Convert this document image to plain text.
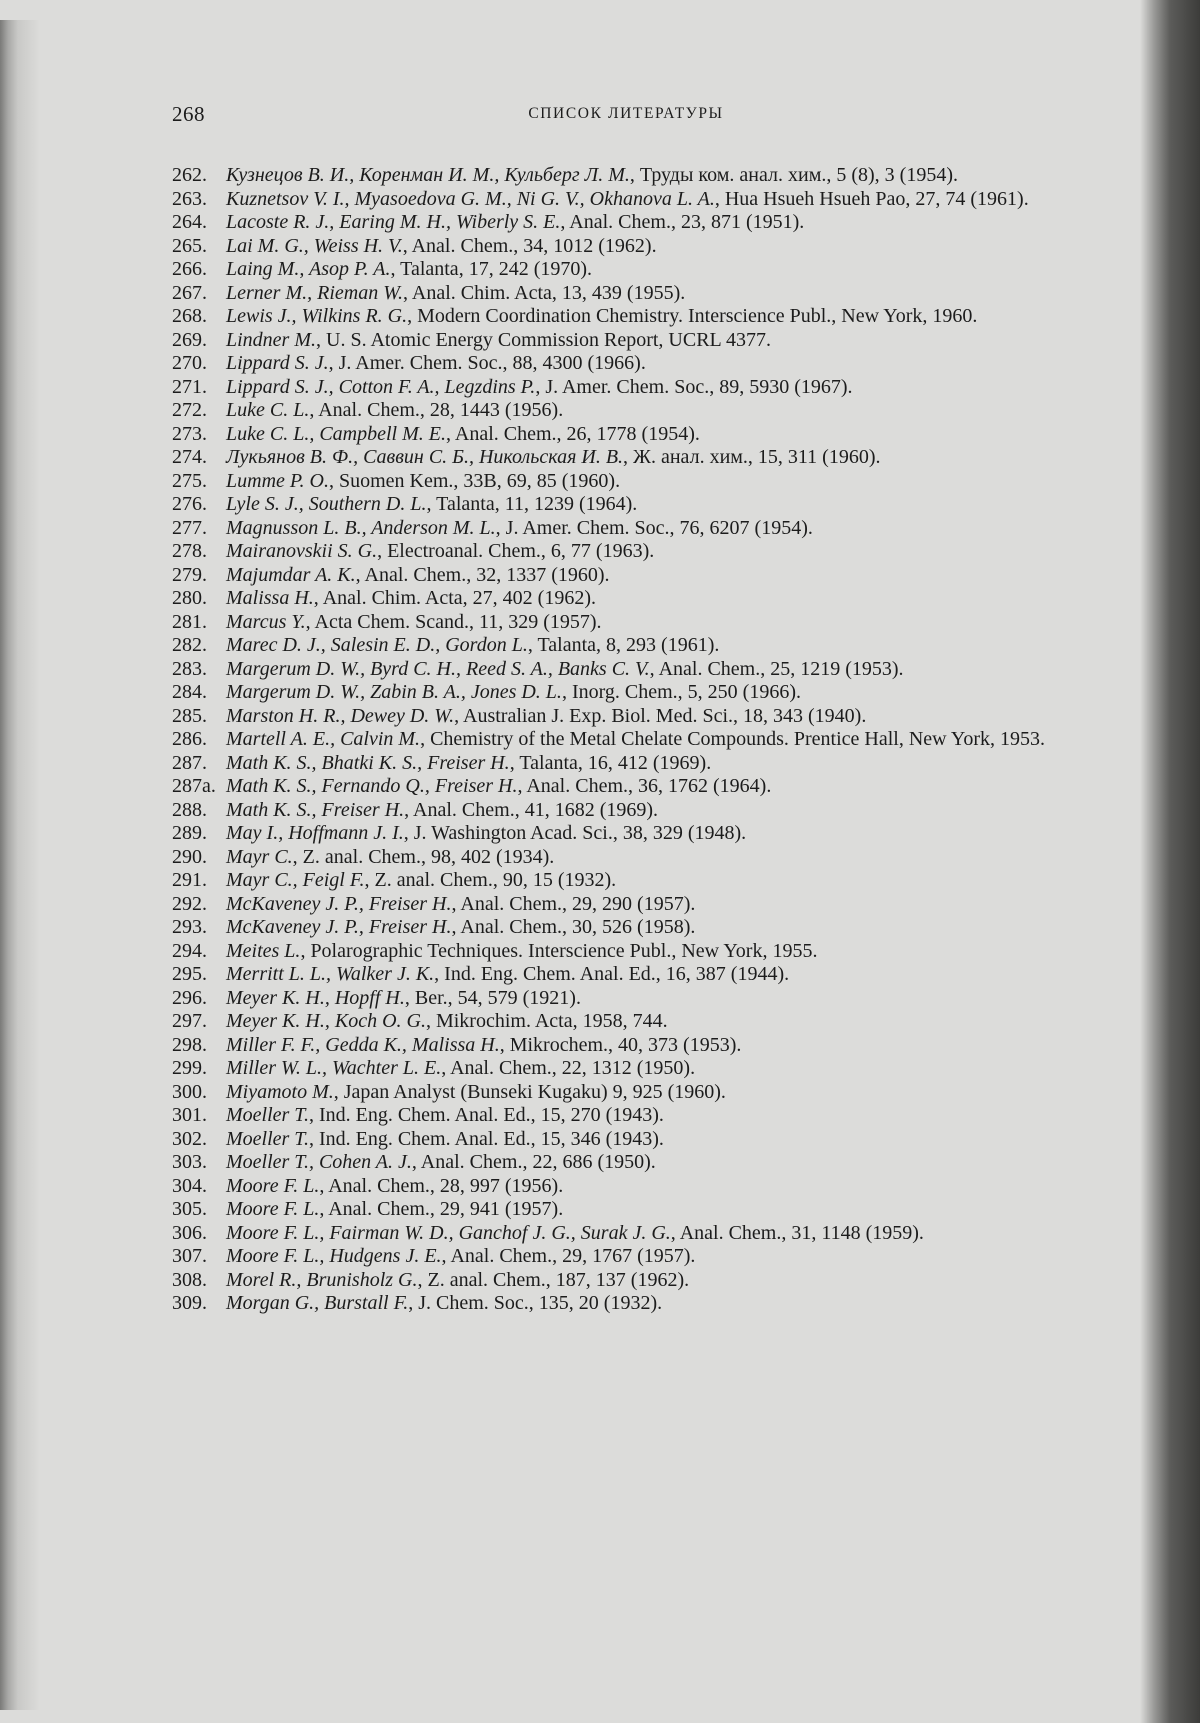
268	СПИСОК ЛИТЕРАТУРЫ
262. Кузнецов В. И., Коренман И. М., Кульберг Л. М., Труды ком. анал. хим., 5 (8), 3 (1954).
263. Kuznetsov V. I., Myasoedova G. M., Ni G. V., Okhanova L. A., Hua Hsueh Hsueh Pao, 27, 74 (1961).
264. Lacoste R. J., Earing M. H., Wiberly S. E., Anal. Chem., 23, 871 (1951).
265. Lai M. G., Weiss H. V., Anal. Chem., 34, 1012 (1962).
266. Laing M., Asop P. A., Talanta, 17, 242 (1970).
267. Lerner M., Rieman W., Anal. Chim. Acta, 13, 439 (1955).
268. Lewis J., Wilkins R. G., Modern Coordination Chemistry. Interscience Publ., New York, 1960.
269. Lindner M., U. S. Atomic Energy Commission Report, UCRL 4377.
270. Lippard S. J., J. Amer. Chem. Soc., 88, 4300 (1966).
271. Lippard S. J., Cotton F. A., Legzdins P., J. Amer. Chem. Soc., 89, 5930 (1967).
272. Luke C. L., Anal. Chem., 28, 1443 (1956).
273. Luke C. L., Campbell M. E., Anal. Chem., 26, 1778 (1954).
274. Лукьянов В. Ф., Саввин С. Б., Никольская И. В., Ж. анал. хим., 15, 311 (1960).
275. Lumme P. O., Suomen Kem., 33B, 69, 85 (1960).
276. Lyle S. J., Southern D. L., Talanta, 11, 1239 (1964).
277. Magnusson L. B., Anderson M. L., J. Amer. Chem. Soc., 76, 6207 (1954).
278. Mairanovskii S. G., Electroanal. Chem., 6, 77 (1963).
279. Majumdar A. K., Anal. Chem., 32, 1337 (1960).
280. Malissa H., Anal. Chim. Acta, 27, 402 (1962).
281. Marcus Y., Acta Chem. Scand., 11, 329 (1957).
282. Marec D. J., Salesin E. D., Gordon L., Talanta, 8, 293 (1961).
283. Margerum D. W., Byrd C. H., Reed S. A., Banks C. V., Anal. Chem., 25, 1219 (1953).
284. Margerum D. W., Zabin B. A., Jones D. L., Inorg. Chem., 5, 250 (1966).
285. Marston H. R., Dewey D. W., Australian J. Exp. Biol. Med. Sci., 18, 343 (1940).
286. Martell A. E., Calvin M., Chemistry of the Metal Chelate Compounds. Prentice Hall, New York, 1953.
287. Math K. S., Bhatki K. S., Freiser H., Talanta, 16, 412 (1969).
287a. Math K. S., Fernando Q., Freiser H., Anal. Chem., 36, 1762 (1964).
288. Math K. S., Freiser H., Anal. Chem., 41, 1682 (1969).
289. May I., Hoffmann J. I., J. Washington Acad. Sci., 38, 329 (1948).
290. Mayr C., Z. anal. Chem., 98, 402 (1934).
291. Mayr C., Feigl F., Z. anal. Chem., 90, 15 (1932).
292. McKaveney J. P., Freiser H., Anal. Chem., 29, 290 (1957).
293. McKaveney J. P., Freiser H., Anal. Chem., 30, 526 (1958).
294. Meites L., Polarographic Techniques. Interscience Publ., New York, 1955.
295. Merritt L. L., Walker J. K., Ind. Eng. Chem. Anal. Ed., 16, 387 (1944).
296. Meyer K. H., Hopff H., Ber., 54, 579 (1921).
297. Meyer K. H., Koch O. G., Mikrochim. Acta, 1958, 744.
298. Miller F. F., Gedda K., Malissa H., Mikrochem., 40, 373 (1953).
299. Miller W. L., Wachter L. E., Anal. Chem., 22, 1312 (1950).
300. Miyamoto M., Japan Analyst (Bunseki Kugaku) 9, 925 (1960).
301. Moeller T., Ind. Eng. Chem. Anal. Ed., 15, 270 (1943).
302. Moeller T., Ind. Eng. Chem. Anal. Ed., 15, 346 (1943).
303. Moeller T., Cohen A. J., Anal. Chem., 22, 686 (1950).
304. Moore F. L., Anal. Chem., 28, 997 (1956).
305. Moore F. L., Anal. Chem., 29, 941 (1957).
306. Moore F. L., Fairman W. D., Ganchof J. G., Surak J. G., Anal. Chem., 31, 1148 (1959).
307. Moore F. L., Hudgens J. E., Anal. Chem., 29, 1767 (1957).
308. Morel R., Brunisholz G., Z. anal. Chem., 187, 137 (1962).
309. Morgan G., Burstall F., J. Chem. Soc., 135, 20 (1932).
